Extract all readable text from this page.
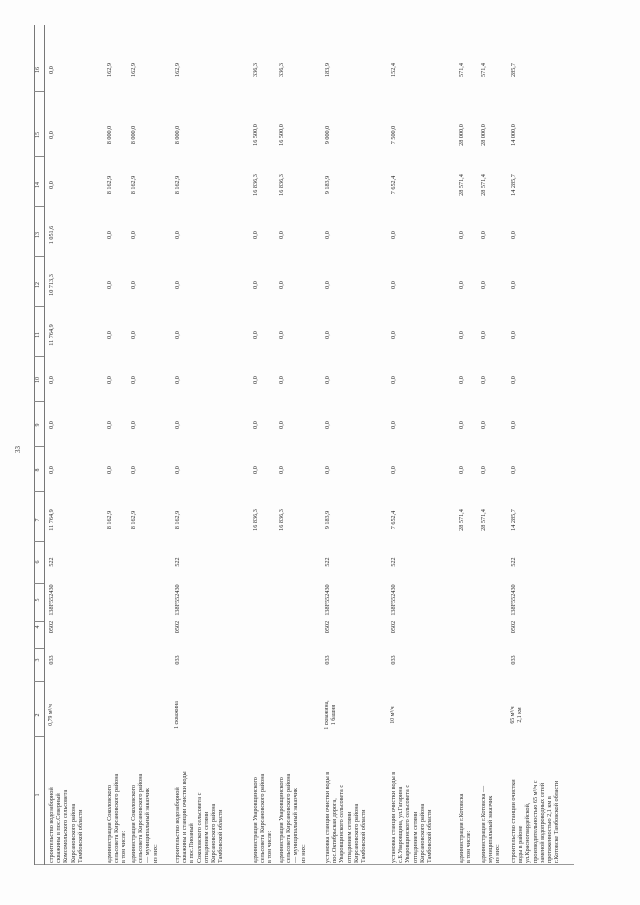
33
1
2
3
4
5
6
7
8
9
10
11
12
13
14
15
16
строительство водозаборной
скважины в пос.Северный
Комсомольского сельсовета
Кирсановского района
Тамбовской области
0,79 м³/ч
033
0502
138F552430
522
11 764,9
0,0
0,0
0,0
11 764,9
10 713,3
1 051,6
0,0
0,0
0,0
администрация Соколовского
сельсовета Кирсановского района
в том числе:
8 162,9
0,0
0,0
0,0
0,0
0,0
0,0
8 162,9
8 000,0
162,9
администрация Соколовского
сельсовета Кирсановского района
— муниципальный заказчик
из них:
8 162,9
0,0
0,0
0,0
0,0
0,0
0,0
8 162,9
8 000,0
162,9
строительство водозаборной
скважины и станции очистки воды
в пос.Пиоаный
Соколовского сельсовета с
отпадинием сетями
Кирсановского района
Тамбовской области
1 скважина
033
0502
138F552430
522
8 162,9
0,0
0,0
0,0
0,0
0,0
0,0
8 162,9
8 000,0
162,9
администрация Уваровщинского
сельсовета Кирсановского района
в том числе:
16 836,3
0,0
0,0
0,0
0,0
0,0
0,0
16 836,3
16 500,0
336,3
администрация Уваровщинского
сельсовета Кирсановского района
— муниципальный заказчик
из них:
16 836,3
0,0
0,0
0,0
0,0
0,0
0,0
16 836,3
16 500,0
336,3
установка станции очистки воды в
пос.Октябрьская дорога,
Уваровщинского сельсовета с
отпадинием сетями
Кирсановского района
Тамбовской области
1 скважина,
1 башня
033
0502
138F552430
522
9 183,9
0,0
0,0
0,0
0,0
0,0
0,0
9 183,9
9 000,0
183,9
установка станции очистки воды в
с.Б.Уваровщина, ул.Гагарина
Уваровщинского сельсовета с
отпадинием сетями
Кирсановского района
Тамбовской области
10 м³/ч
033
0502
138F552430
522
7 652,4
0,0
0,0
0,0
0,0
0,0
0,0
7 652,4
7 500,0
152,4
администрация г.Котовска
в том числе:
28 571,4
0,0
0,0
0,0
0,0
0,0
0,0
28 571,4
28 000,0
571,4
администрация г.Котовска —
муниципальный заказчик
из них:
28 571,4
0,0
0,0
0,0
0,0
0,0
0,0
28 571,4
28 000,0
571,4
строительство станции очистки
воды в районе
ул.Красногвардейской,
производительностью 65 м³/ч с
заменой водопроводных сетей
протяженностью 2,1 км в
г.Котовске Тамбовской области
65 м³/ч
2,1 км
033
0502
138F552430
522
14 285,7
0,0
0,0
0,0
0,0
0,0
0,0
14 285,7
14 000,0
285,7
